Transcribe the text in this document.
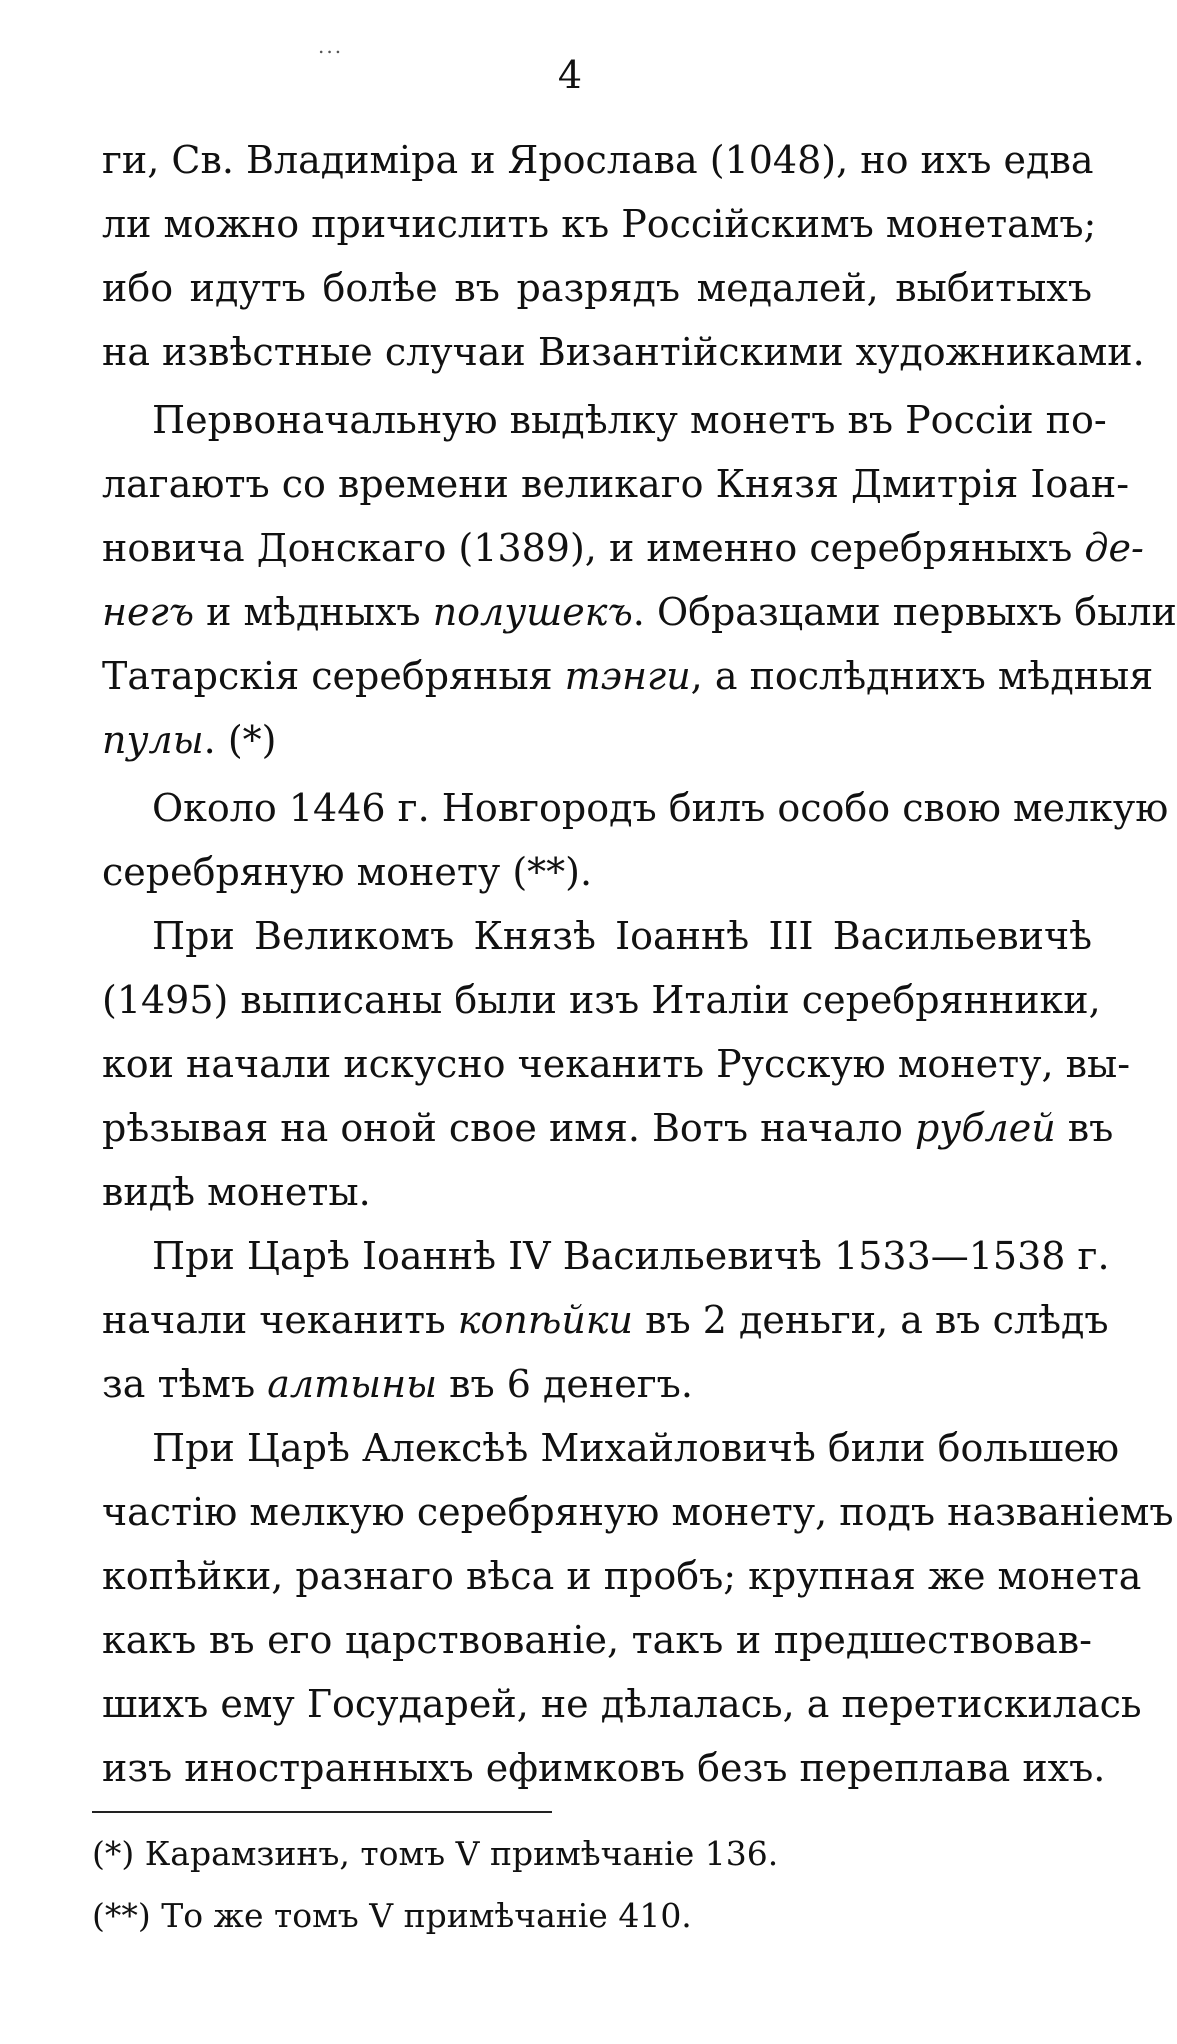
...
4
ги, Св. Владиміра и Ярослава (1048), но ихъ едва
ли можно причислить къ Россійскимъ монетамъ;
ибо идутъ болѣе въ разрядъ медалей, выбитыхъ
на извѣстные случаи Византійскими художниками.
Первоначальную выдѣлку монетъ въ Россіи по-
лагаютъ со времени великаго Князя Дмитрія Іоан-
новича Донскаго (1389), и именно серебряныхъ де-
негъ и мѣдныхъ полушекъ. Образцами первыхъ были
Татарскія серебряныя тэнги, а послѣднихъ мѣдныя
пулы. (*)
Около 1446 г. Новгородъ билъ особо свою мелкую
серебряную монету (**).
При Великомъ Князѣ Іоаннѣ III Васильевичѣ
(1495) выписаны были изъ Италіи серебрянники,
кои начали искусно чеканить Русскую монету, вы-
рѣзывая на оной свое имя. Вотъ начало рублей въ
видѣ монеты.
При Царѣ Іоаннѣ IV Васильевичѣ 1533—1538 г.
начали чеканить копѣйки въ 2 деньги, а въ слѣдъ
за тѣмъ алтыны въ 6 денегъ.
При Царѣ Алексѣѣ Михайловичѣ били большею
частію мелкую серебряную монету, подъ названіемъ
копѣйки, разнаго вѣса и пробъ; крупная же монета
какъ въ его царствованіе, такъ и предшествовав-
шихъ ему Государей, не дѣлалась, а перетискилась
изъ иностранныхъ ефимковъ безъ переплава ихъ.
(*) Карамзинъ, томъ V примѣчаніе 136.
(**) То же томъ V примѣчаніе 410.
